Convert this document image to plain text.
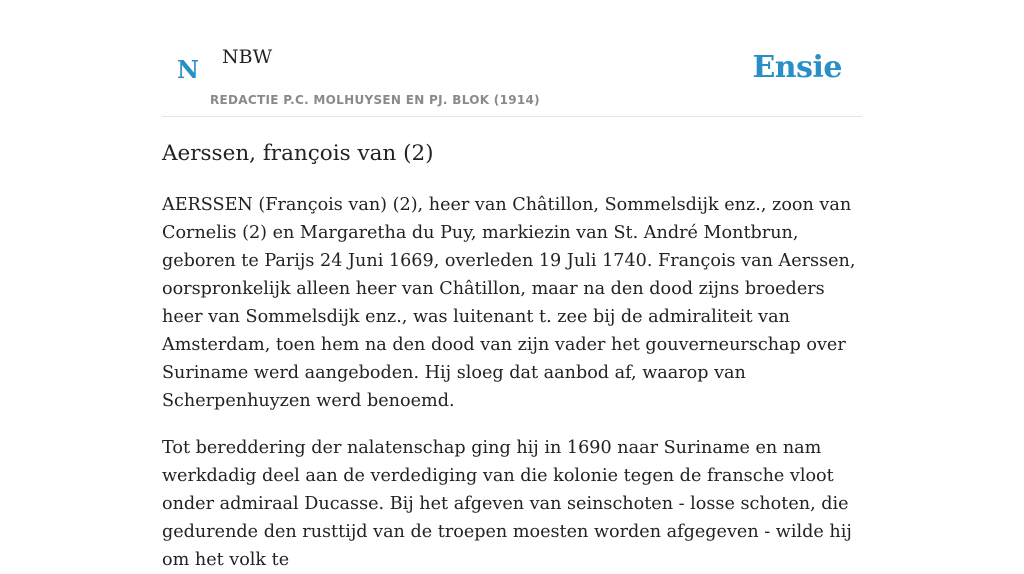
N NBW
REDACTIE P.C. MOLHUYSEN EN PJ. BLOK (1914)
Ensie
Aerssen, françois van (2)

AERSSEN (François van) (2), heer van Châtillon, Sommelsdijk enz., zoon van Cornelis (2) en Margaretha du Puy, markiezin van St. André Montbrun, geboren te Parijs 24 Juni 1669, overleden 19 Juli 1740. François van Aerssen, oorspronkelijk alleen heer van Châtillon, maar na den dood zijns broeders heer van Sommelsdijk enz., was luitenant t. zee bij de admiraliteit van Amsterdam, toen hem na den dood van zijn vader het gouverneurschap over Suriname werd aangeboden. Hij sloeg dat aanbod af, waarop van Scherpenhuyzen werd benoemd.

Tot bereddering der nalatenschap ging hij in 1690 naar Suriname en nam werkdadig deel aan de verdediging van die kolonie tegen de fransche vloot onder admiraal Ducasse. Bij het afgeven van seinschoten - losse schoten, die gedurende den rusttijd van de troepen moesten worden afgegeven - wilde hij om het volk te
